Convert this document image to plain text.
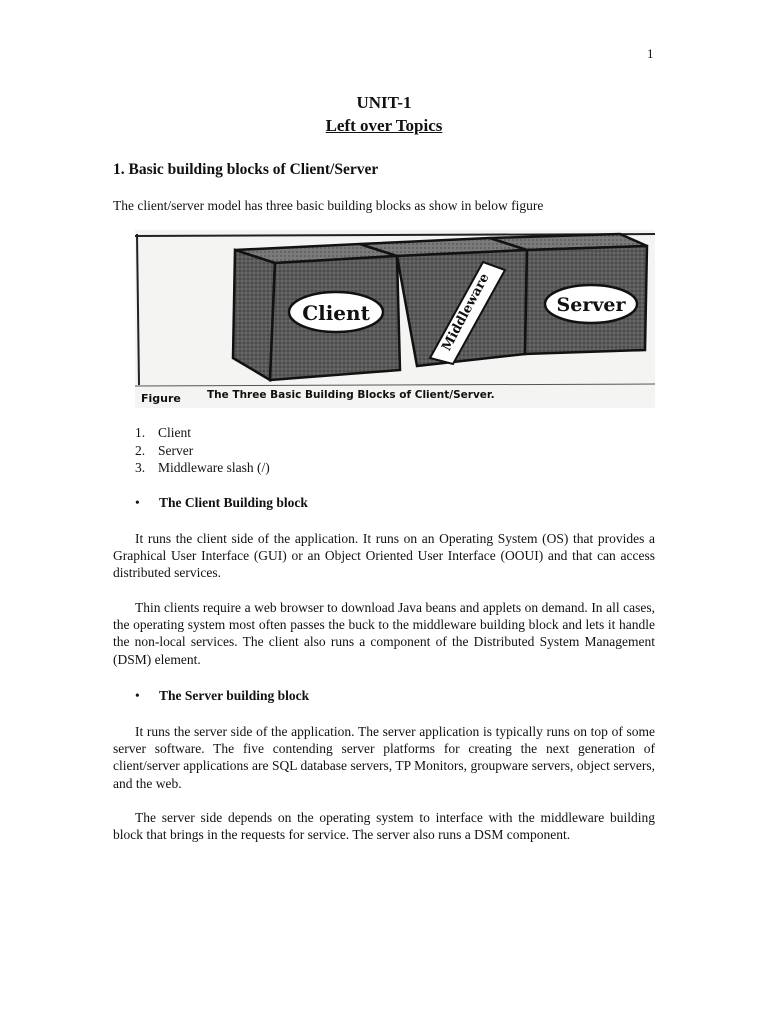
1
UNIT-1
Left over Topics
1. Basic building blocks of Client/Server
The client/server model has three basic building blocks as show in below figure
Client	Middleware	Server
Figure The Three Basic Building Blocks of Client/Server.
1. Client
2. Server
3. Middleware slash (/)
• The Client Building block

It runs the client side of the application. It runs on an Operating System (OS) that provides a Graphical User Interface (GUI) or an Object Oriented User Interface (OOUI) and that can access distributed services.

Thin clients require a web browser to download Java beans and applets on demand. In all cases, the operating system most often passes the buck to the middleware building block and lets it handle the non-local services. The client also runs a component of the Distributed System Management (DSM) element.

• The Server building block

It runs the server side of the application. The server application is typically runs on top of some server software. The five contending server platforms for creating the next generation of client/server applications are SQL database servers, TP Monitors, groupware servers, object servers, and the web.

The server side depends on the operating system to interface with the middleware building block that brings in the requests for service. The server also runs a DSM component.
